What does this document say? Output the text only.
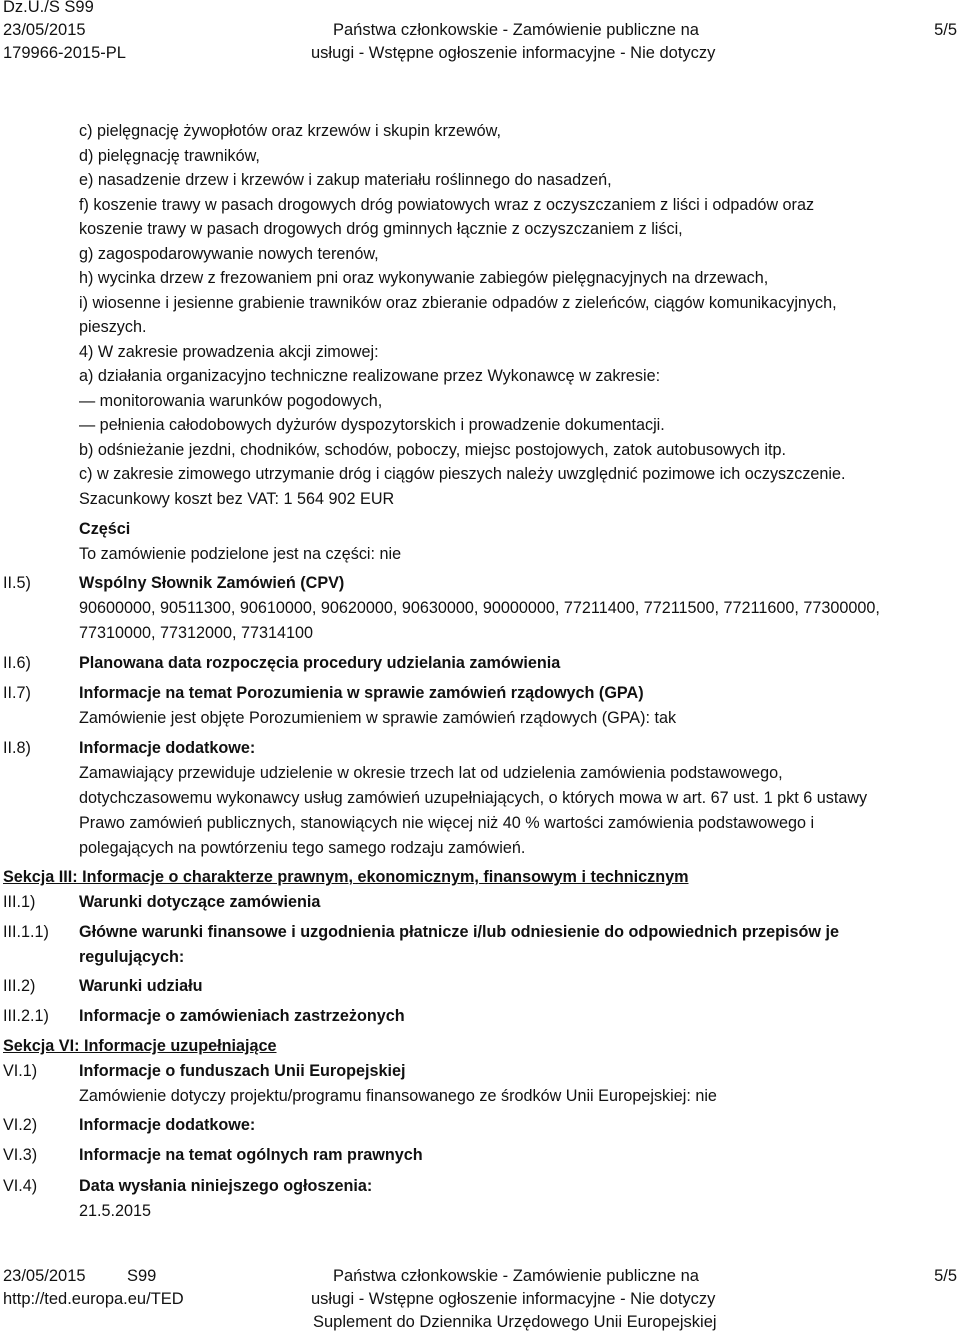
Dz.U./S S99
23/05/2015
179966-2015-PL
Państwa członkowskie - Zamówienie publiczne na
usługi - Wstępne ogłoszenie informacyjne - Nie dotyczy
5/5
c) pielęgnację żywopłotów oraz krzewów i skupin krzewów,
d) pielęgnację trawników,
e) nasadzenie drzew i krzewów i zakup materiału roślinnego do nasadzeń,
f) koszenie trawy w pasach drogowych dróg powiatowych wraz z oczyszczaniem z liści i odpadów oraz
koszenie trawy w pasach drogowych dróg gminnych łącznie z oczyszczaniem z liści,
g) zagospodarowywanie nowych terenów,
h) wycinka drzew z frezowaniem pni oraz wykonywanie zabiegów pielęgnacyjnych na drzewach,
i) wiosenne i jesienne grabienie trawników oraz zbieranie odpadów z zieleńców, ciągów komunikacyjnych,
pieszych.
4) W zakresie prowadzenia akcji zimowej:
a) działania organizacyjno techniczne realizowane przez Wykonawcę w zakresie:
— monitorowania warunków pogodowych,
— pełnienia całodobowych dyżurów dyspozytorskich i prowadzenie dokumentacji.
b) odśnieżanie jezdni, chodników, schodów, poboczy, miejsc postojowych, zatok autobusowych itp.
c) w zakresie zimowego utrzymanie dróg i ciągów pieszych należy uwzględnić pozimowe ich oczyszczenie.
Szacunkowy koszt bez VAT: 1 564 902 EUR
Części
To zamówienie podzielone jest na części: nie
II.5)	Wspólny Słownik Zamówień (CPV)
90600000, 90511300, 90610000, 90620000, 90630000, 90000000, 77211400, 77211500, 77211600, 77300000,
77310000, 77312000, 77314100
II.6)	Planowana data rozpoczęcia procedury udzielania zamówienia
II.7)	Informacje na temat Porozumienia w sprawie zamówień rządowych (GPA)
Zamówienie jest objęte Porozumieniem w sprawie zamówień rządowych (GPA): tak
II.8)	Informacje dodatkowe:
Zamawiający przewiduje udzielenie w okresie trzech lat od udzielenia zamówienia podstawowego,
dotychczasowemu wykonawcy usług zamówień uzupełniających, o których mowa w art. 67 ust. 1 pkt 6 ustawy
Prawo zamówień publicznych, stanowiących nie więcej niż 40 % wartości zamówienia podstawowego i
polegających na powtórzeniu tego samego rodzaju zamówień.
Sekcja III: Informacje o charakterze prawnym, ekonomicznym, finansowym i technicznym
III.1)	Warunki dotyczące zamówienia
III.1.1) Główne warunki finansowe i uzgodnienia płatnicze i/lub odniesienie do odpowiednich przepisów je
regulujących:
III.2)	Warunki udziału
III.2.1) Informacje o zamówieniach zastrzeżonych
Sekcja VI: Informacje uzupełniające
VI.1)	Informacje o funduszach Unii Europejskiej
Zamówienie dotyczy projektu/programu finansowanego ze środków Unii Europejskiej: nie
VI.2)	Informacje dodatkowe:
VI.3)	Informacje na temat ogólnych ram prawnych
VI.4)	Data wysłania niniejszego ogłoszenia:
21.5.2015
23/05/2015	S99
http://ted.europa.eu/TED
Państwa członkowskie - Zamówienie publiczne na
usługi - Wstępne ogłoszenie informacyjne - Nie dotyczy
Suplement do Dziennika Urzędowego Unii Europejskiej
5/5
